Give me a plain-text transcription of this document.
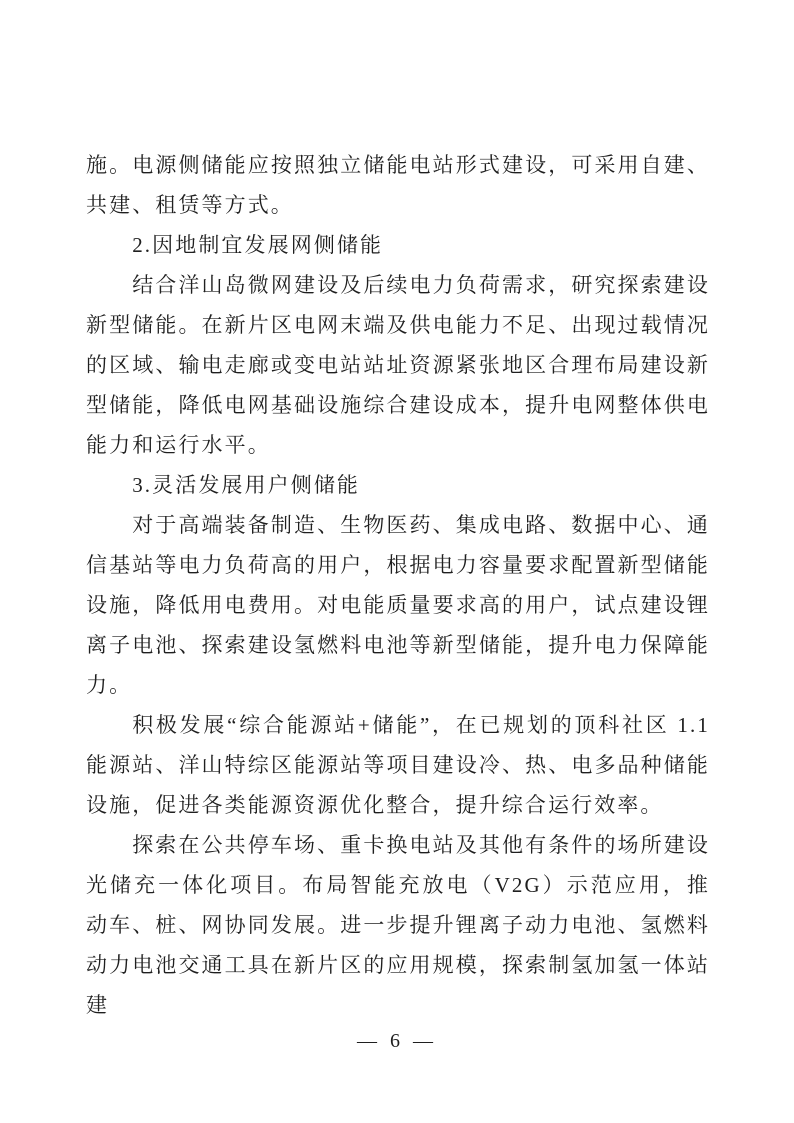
施。电源侧储能应按照独立储能电站形式建设，可采用自建、共建、租赁等方式。

2.因地制宜发展网侧储能

结合洋山岛微网建设及后续电力负荷需求，研究探索建设新型储能。在新片区电网末端及供电能力不足、出现过载情况的区域、输电走廊或变电站站址资源紧张地区合理布局建设新型储能，降低电网基础设施综合建设成本，提升电网整体供电能力和运行水平。

3.灵活发展用户侧储能

对于高端装备制造、生物医药、集成电路、数据中心、通信基站等电力负荷高的用户，根据电力容量要求配置新型储能设施，降低用电费用。对电能质量要求高的用户，试点建设锂离子电池、探索建设氢燃料电池等新型储能，提升电力保障能力。

积极发展“综合能源站+储能”，在已规划的顶科社区 1.1 能源站、洋山特综区能源站等项目建设冷、热、电多品种储能设施，促进各类能源资源优化整合，提升综合运行效率。

探索在公共停车场、重卡换电站及其他有条件的场所建设光储充一体化项目。布局智能充放电（V2G）示范应用，推动车、桩、网协同发展。进一步提升锂离子动力电池、氢燃料动力电池交通工具在新片区的应用规模，探索制氢加氢一体站建

— 6 —
